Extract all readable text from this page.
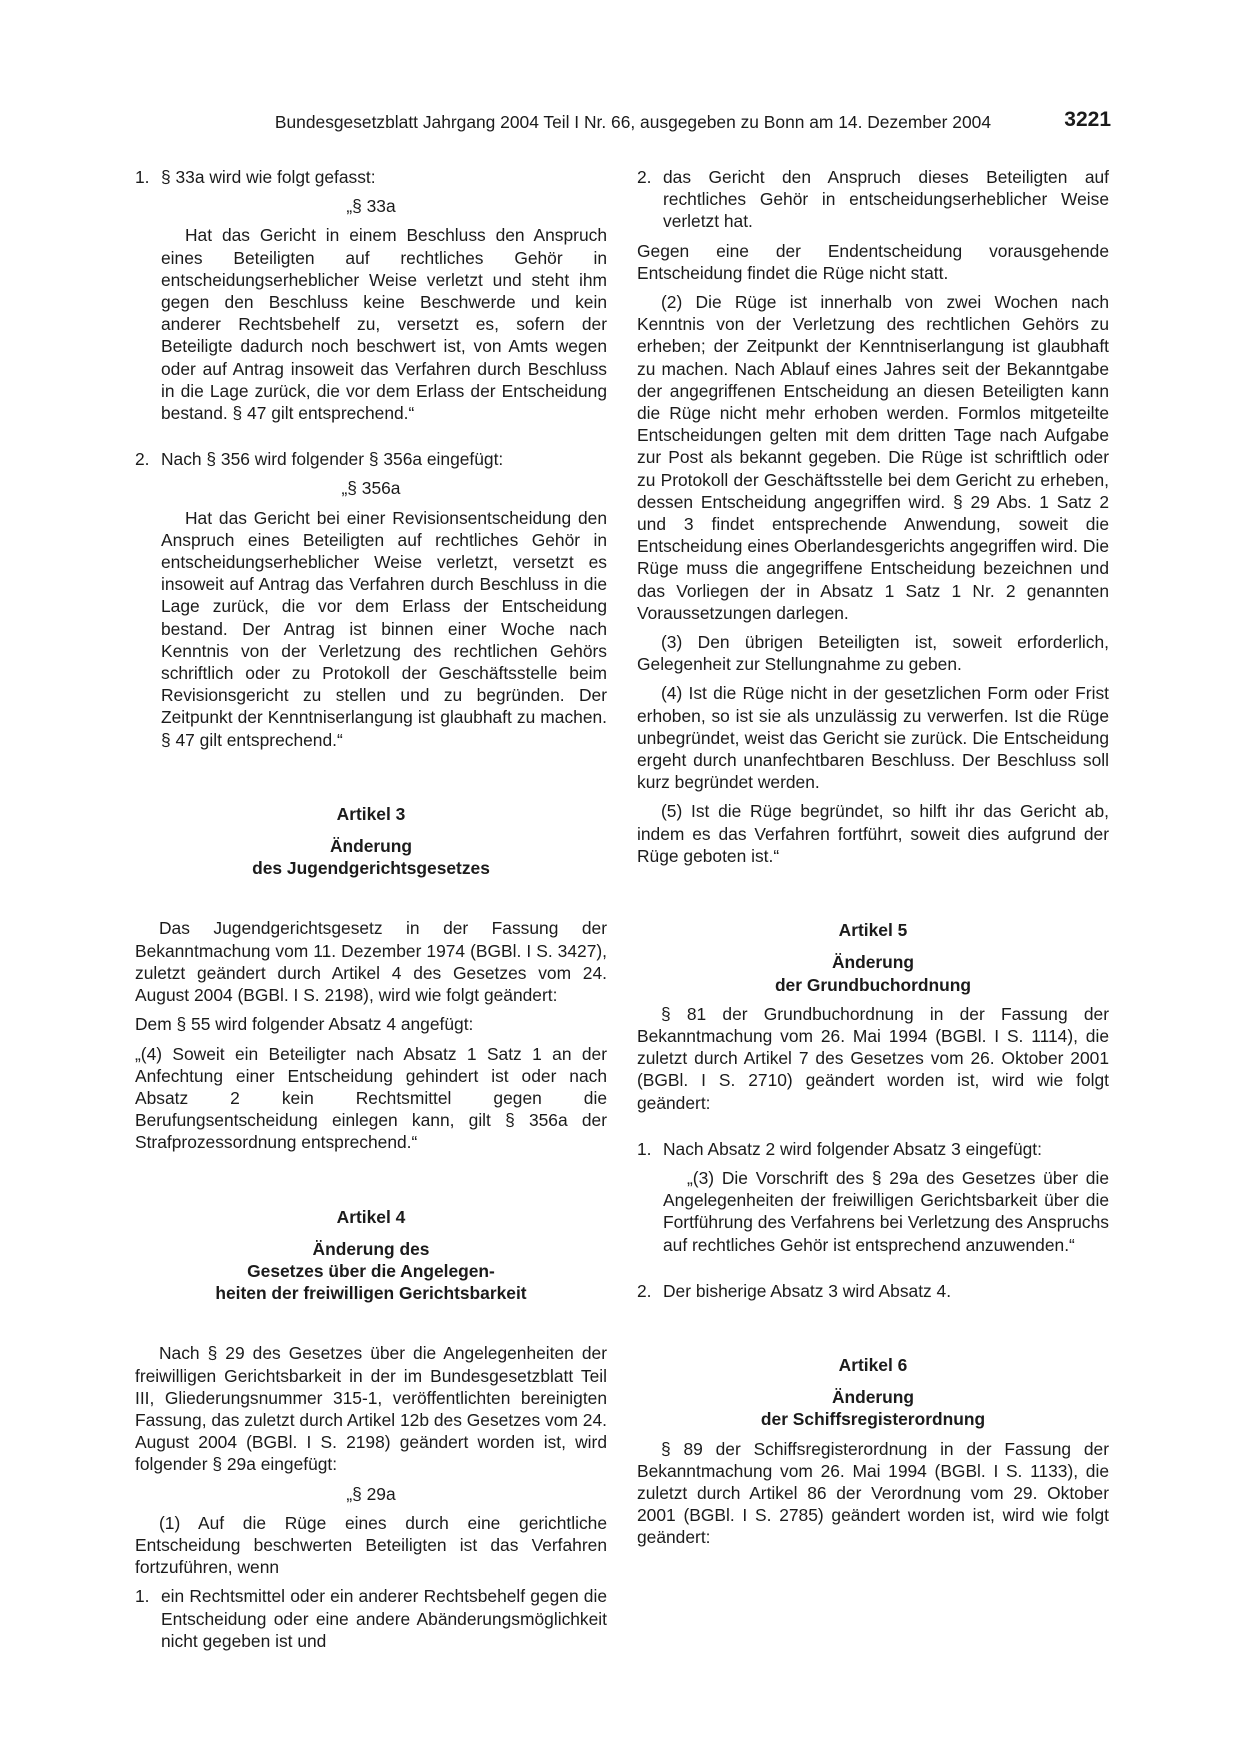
Bundesgesetzblatt Jahrgang 2004 Teil I Nr. 66, ausgegeben zu Bonn am 14. Dezember 2004	3221
1. § 33a wird wie folgt gefasst:

„§ 33a

Hat das Gericht in einem Beschluss den Anspruch eines Beteiligten auf rechtliches Gehör in entscheidungserheblicher Weise verletzt und steht ihm gegen den Beschluss keine Beschwerde und kein anderer Rechtsbehelf zu, versetzt es, sofern der Beteiligte dadurch noch beschwert ist, von Amts wegen oder auf Antrag insoweit das Verfahren durch Beschluss in die Lage zurück, die vor dem Erlass der Entscheidung bestand. § 47 gilt entsprechend.“

2. Nach § 356 wird folgender § 356a eingefügt:

„§ 356a

Hat das Gericht bei einer Revisionsentscheidung den Anspruch eines Beteiligten auf rechtliches Gehör in entscheidungserheblicher Weise verletzt, versetzt es insoweit auf Antrag das Verfahren durch Beschluss in die Lage zurück, die vor dem Erlass der Entscheidung bestand. Der Antrag ist binnen einer Woche nach Kenntnis von der Verletzung des rechtlichen Gehörs schriftlich oder zu Protokoll der Geschäftsstelle beim Revisionsgericht zu stellen und zu begründen. Der Zeitpunkt der Kenntniserlangung ist glaubhaft zu machen. § 47 gilt entsprechend.“

Artikel 3

Änderung

des Jugendgerichtsgesetzes

Das Jugendgerichtsgesetz in der Fassung der Bekanntmachung vom 11. Dezember 1974 (BGBl. I S. 3427), zuletzt geändert durch Artikel 4 des Gesetzes vom 24. August 2004 (BGBl. I S. 2198), wird wie folgt geändert:

Dem § 55 wird folgender Absatz 4 angefügt:

„(4) Soweit ein Beteiligter nach Absatz 1 Satz 1 an der Anfechtung einer Entscheidung gehindert ist oder nach Absatz 2 kein Rechtsmittel gegen die Berufungsentscheidung einlegen kann, gilt § 356a der Strafprozessordnung entsprechend.“

Artikel 4

Änderung des

Gesetzes über die Angelegen-

heiten der freiwilligen Gerichtsbarkeit

Nach § 29 des Gesetzes über die Angelegenheiten der freiwilligen Gerichtsbarkeit in der im Bundesgesetzblatt Teil III, Gliederungsnummer 315-1, veröffentlichten bereinigten Fassung, das zuletzt durch Artikel 12b des Gesetzes vom 24. August 2004 (BGBl. I S. 2198) geändert worden ist, wird folgender § 29a eingefügt:

„§ 29a

(1) Auf die Rüge eines durch eine gerichtliche Entscheidung beschwerten Beteiligten ist das Verfahren fortzuführen, wenn

1. ein Rechtsmittel oder ein anderer Rechtsbehelf gegen die Entscheidung oder eine andere Abänderungsmöglichkeit nicht gegeben ist und
2. das Gericht den Anspruch dieses Beteiligten auf rechtliches Gehör in entscheidungserheblicher Weise verletzt hat.

Gegen eine der Endentscheidung vorausgehende Entscheidung findet die Rüge nicht statt.

(2) Die Rüge ist innerhalb von zwei Wochen nach Kenntnis von der Verletzung des rechtlichen Gehörs zu erheben; der Zeitpunkt der Kenntniserlangung ist glaubhaft zu machen. Nach Ablauf eines Jahres seit der Bekanntgabe der angegriffenen Entscheidung an diesen Beteiligten kann die Rüge nicht mehr erhoben werden. Formlos mitgeteilte Entscheidungen gelten mit dem dritten Tage nach Aufgabe zur Post als bekannt gegeben. Die Rüge ist schriftlich oder zu Protokoll der Geschäftsstelle bei dem Gericht zu erheben, dessen Entscheidung angegriffen wird. § 29 Abs. 1 Satz 2 und 3 findet entsprechende Anwendung, soweit die Entscheidung eines Oberlandesgerichts angegriffen wird. Die Rüge muss die angegriffene Entscheidung bezeichnen und das Vorliegen der in Absatz 1 Satz 1 Nr. 2 genannten Voraussetzungen darlegen.

(3) Den übrigen Beteiligten ist, soweit erforderlich, Gelegenheit zur Stellungnahme zu geben.

(4) Ist die Rüge nicht in der gesetzlichen Form oder Frist erhoben, so ist sie als unzulässig zu verwerfen. Ist die Rüge unbegründet, weist das Gericht sie zurück. Die Entscheidung ergeht durch unanfechtbaren Beschluss. Der Beschluss soll kurz begründet werden.

(5) Ist die Rüge begründet, so hilft ihr das Gericht ab, indem es das Verfahren fortführt, soweit dies aufgrund der Rüge geboten ist.“

Artikel 5

Änderung

der Grundbuchordnung

§ 81 der Grundbuchordnung in der Fassung der Bekanntmachung vom 26. Mai 1994 (BGBl. I S. 1114), die zuletzt durch Artikel 7 des Gesetzes vom 26. Oktober 2001 (BGBl. I S. 2710) geändert worden ist, wird wie folgt geändert:

1. Nach Absatz 2 wird folgender Absatz 3 eingefügt:

„(3) Die Vorschrift des § 29a des Gesetzes über die Angelegenheiten der freiwilligen Gerichtsbarkeit über die Fortführung des Verfahrens bei Verletzung des Anspruchs auf rechtliches Gehör ist entsprechend anzuwenden.“

2. Der bisherige Absatz 3 wird Absatz 4.

Artikel 6

Änderung

der Schiffsregisterordnung

§ 89 der Schiffsregisterordnung in der Fassung der Bekanntmachung vom 26. Mai 1994 (BGBl. I S. 1133), die zuletzt durch Artikel 86 der Verordnung vom 29. Oktober 2001 (BGBl. I S. 2785) geändert worden ist, wird wie folgt geändert:
